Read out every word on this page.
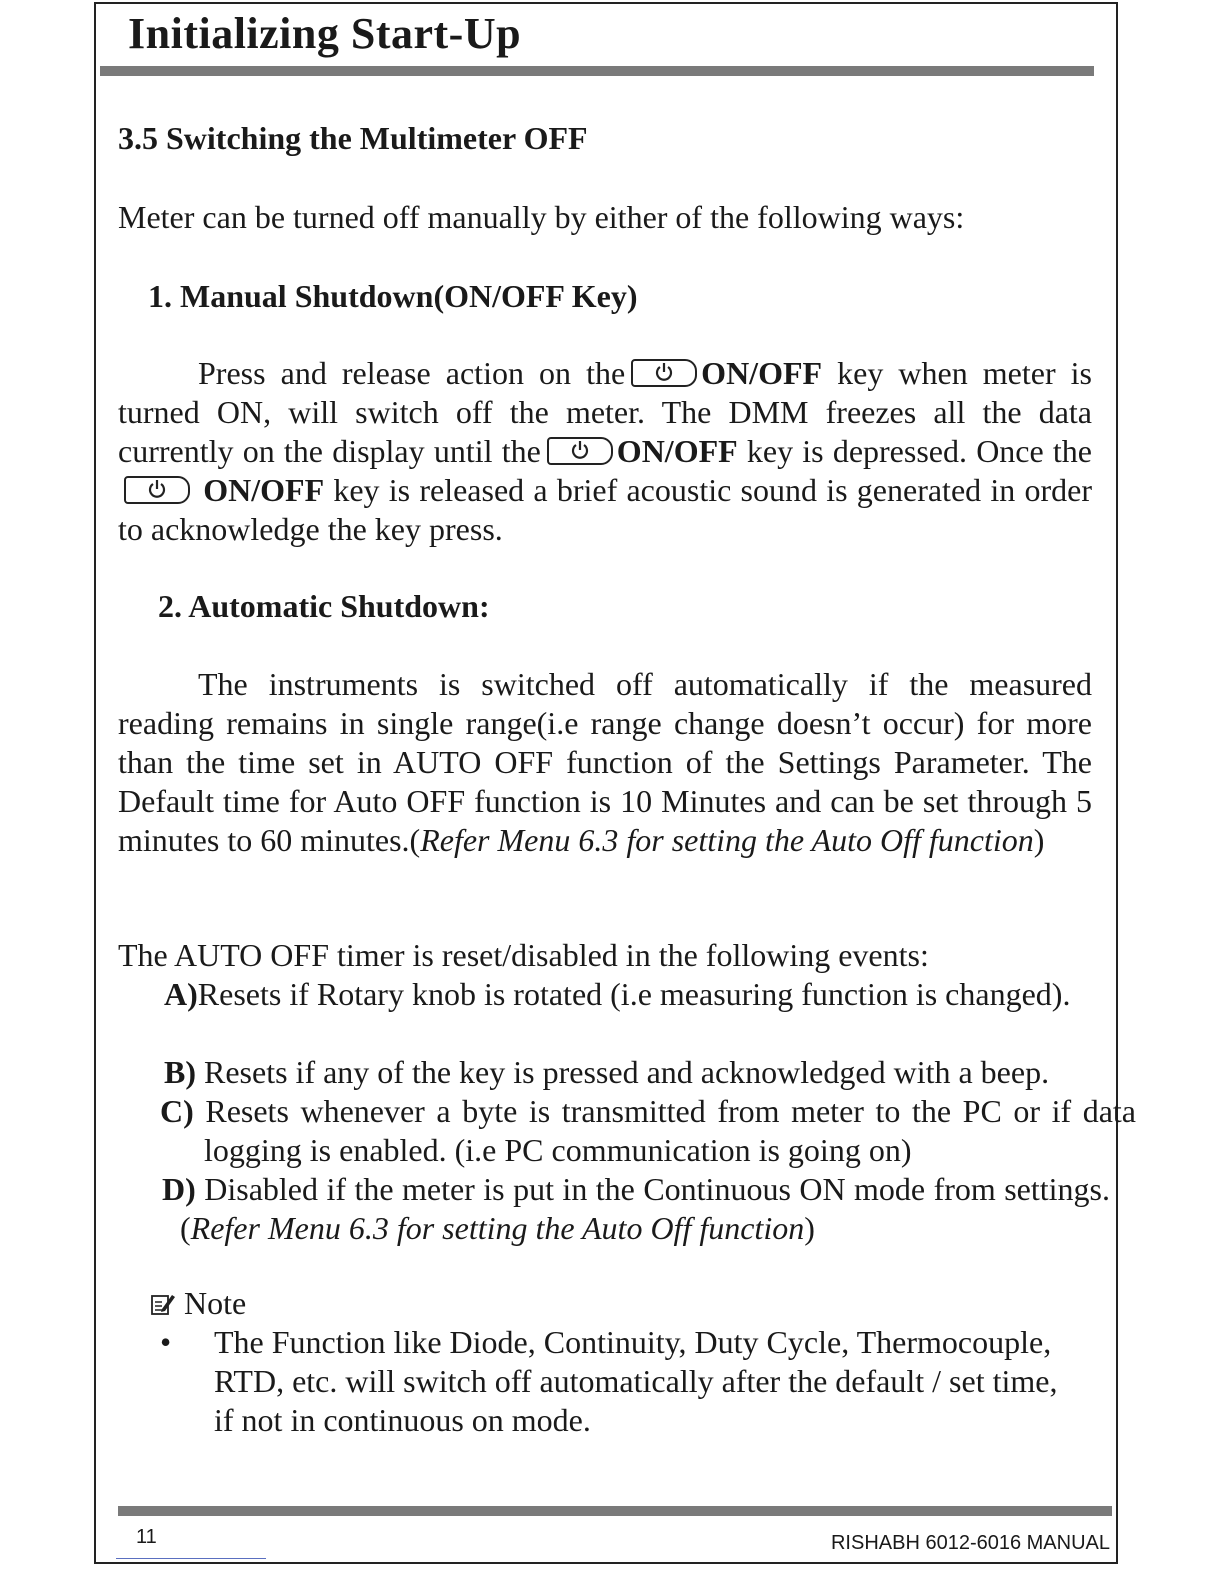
Initializing Start-Up
3.5 Switching the Multimeter OFF

Meter can be turned off manually by either of the following ways:

1. Manual Shutdown(ON/OFF Key)

Press and release action on the ON/OFF key when meter is turned ON, will switch off the meter. The DMM freezes all the data currently on the display until the ON/OFF key is depressed. Once the
ON/OFF key is released a brief acoustic sound is generated in order to acknowledge the key press.

2. Automatic Shutdown:

The instruments is switched off automatically if the measured reading remains in single range(i.e range change doesn’t occur) for more than the time set in AUTO OFF function of the Settings Parameter. The Default time for Auto OFF function is 10 Minutes and can be set through 5 minutes to 60 minutes.(Refer Menu 6.3 for setting the Auto Off function)

The AUTO OFF timer is reset/disabled in the following events:

A)Resets if Rotary knob is rotated (i.e measuring function is changed).

B) Resets if any of the key is pressed and acknowledged with a beep.

C) Resets whenever a byte is transmitted from meter to the PC or if data logging is enabled. (i.e PC communication is going on)

D) Disabled if the meter is put in the Continuous ON mode from settings.(Refer Menu 6.3 for setting the Auto Off function)

Note
• The Function like Diode, Continuity, Duty Cycle, Thermocouple, RTD, etc. will switch off automatically after the default / set time, if not in continuous on mode.

11	RISHABH 6012-6016 MANUAL
